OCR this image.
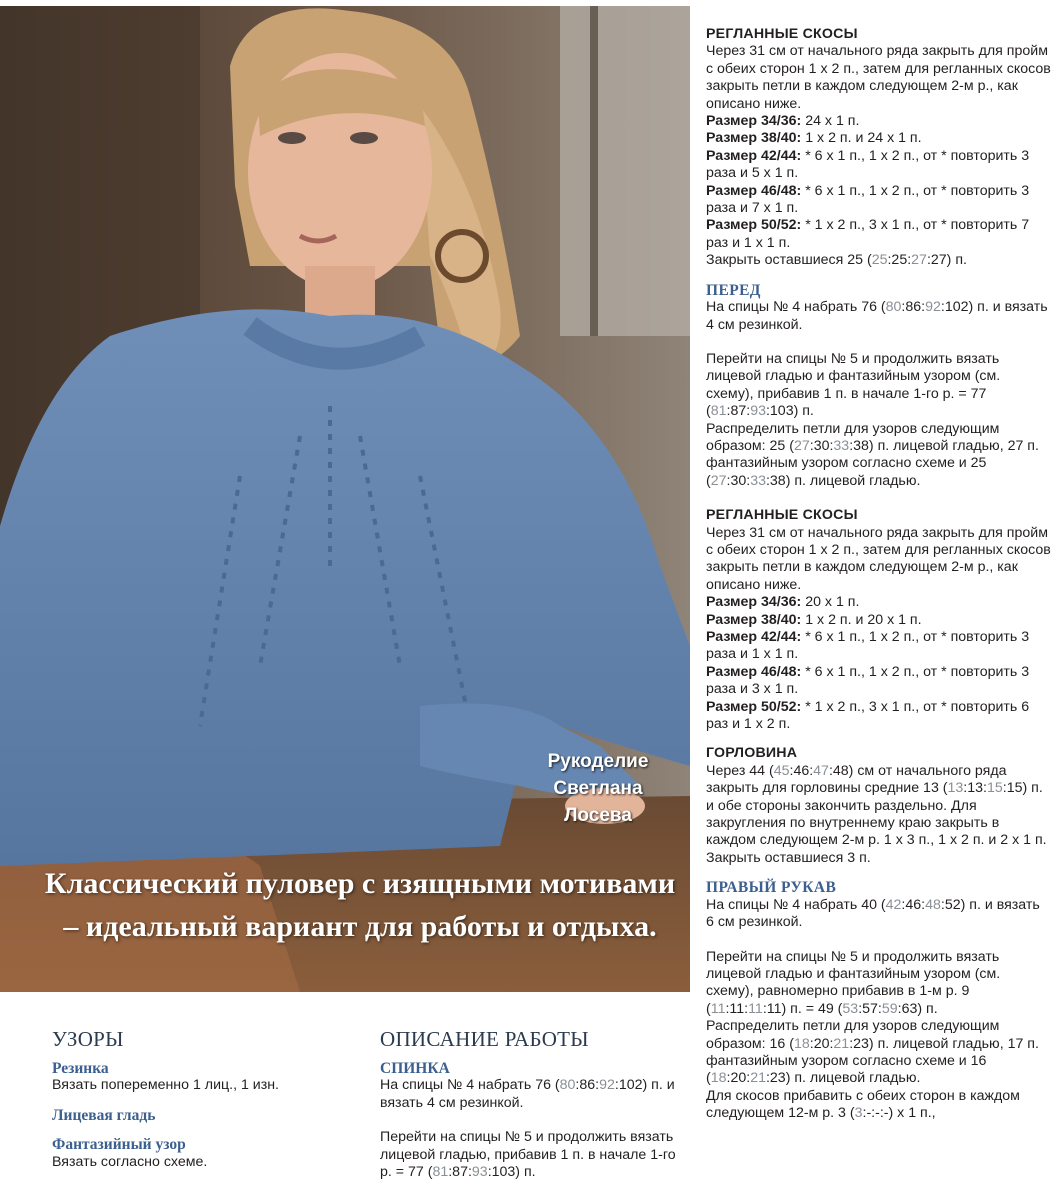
Рукоделие
Светлана
Лосева
Классический пуловер с изящными мотивами – идеальный вариант для работы и отдыха.

РЕГЛАННЫЕ СКОСЫ

Через 31 см от начального ряда закрыть для пройм с обеих сторон 1 х 2 п., затем для регланных скосов закрыть петли в каждом следующем 2-м р., как описано ниже.

Размер 34/36: 24 х 1 п.

Размер 38/40: 1 х 2 п. и 24 х 1 п.

Размер 42/44: * 6 х 1 п., 1 х 2 п., от * повторить 3 раза и 5 х 1 п.

Размер 46/48: * 6 х 1 п., 1 х 2 п., от * повторить 3 раза и 7 х 1 п.

Размер 50/52: * 1 х 2 п., 3 х 1 п., от * повторить 7 раз и 1 х 1 п.

Закрыть оставшиеся 25 (25:25:27:27) п.

ПЕРЕД

На спицы № 4 набрать 76 (80:86:92:102) п. и вязать 4 см резинкой.

Перейти на спицы № 5 и продолжить вязать лицевой гладью и фантазийным узором (см. схему), прибавив 1 п. в начале 1-го р. = 77 (81:87:93:103) п.

Распределить петли для узоров следующим образом: 25 (27:30:33:38) п. лицевой гладью, 27 п. фантазийным узором согласно схеме и 25 (27:30:33:38) п. лицевой гладью.

РЕГЛАННЫЕ СКОСЫ

Через 31 см от начального ряда закрыть для пройм с обеих сторон 1 х 2 п., затем для регланных скосов закрыть петли в каждом следующем 2-м р., как описано ниже.

Размер 34/36: 20 х 1 п.

Размер 38/40: 1 х 2 п. и 20 х 1 п.

Размер 42/44: * 6 х 1 п., 1 х 2 п., от * повторить 3 раза и 1 х 1 п.

Размер 46/48: * 6 х 1 п., 1 х 2 п., от * повторить 3 раза и 3 х 1 п.

Размер 50/52: * 1 х 2 п., 3 х 1 п., от * повторить 6 раз и 1 х 2 п.

ГОРЛОВИНА

Через 44 (45:46:47:48) см от начального ряда закрыть для горловины средние 13 (13:13:15:15) п. и обе стороны закончить раздельно. Для закругления по внутреннему краю закрыть в каждом следующем 2-м р. 1 х 3 п., 1 х 2 п. и 2 х 1 п. Закрыть оставшиеся 3 п.

ПРАВЫЙ РУКАВ

На спицы № 4 набрать 40 (42:46:48:52) п. и вязать 6 см резинкой.

Перейти на спицы № 5 и продолжить вязать лицевой гладью и фантазийным узором (см. схему), равномерно прибавив в 1-м р. 9 (11:11:11:11) п. = 49 (53:57:59:63) п.

Распределить петли для узоров следующим образом: 16 (18:20:21:23) п. лицевой гладью, 17 п. фантазийным узором согласно схеме и 16 (18:20:21:23) п. лицевой гладью.

Для скосов прибавить с обеих сторон в каждом следующем 12-м р. 3 (3:-:-:-) х 1 п.,

УЗОРЫ

Резинка

Вязать попеременно 1 лиц., 1 изн.

Лицевая гладь

Фантазийный узор

Вязать согласно схеме.

ОПИСАНИЕ РАБОТЫ

СПИНКА

На спицы № 4 набрать 76 (80:86:92:102) п. и вязать 4 см резинкой.

Перейти на спицы № 5 и продолжить вязать лицевой гладью, прибавив 1 п. в начале 1-го р. = 77 (81:87:93:103) п.
